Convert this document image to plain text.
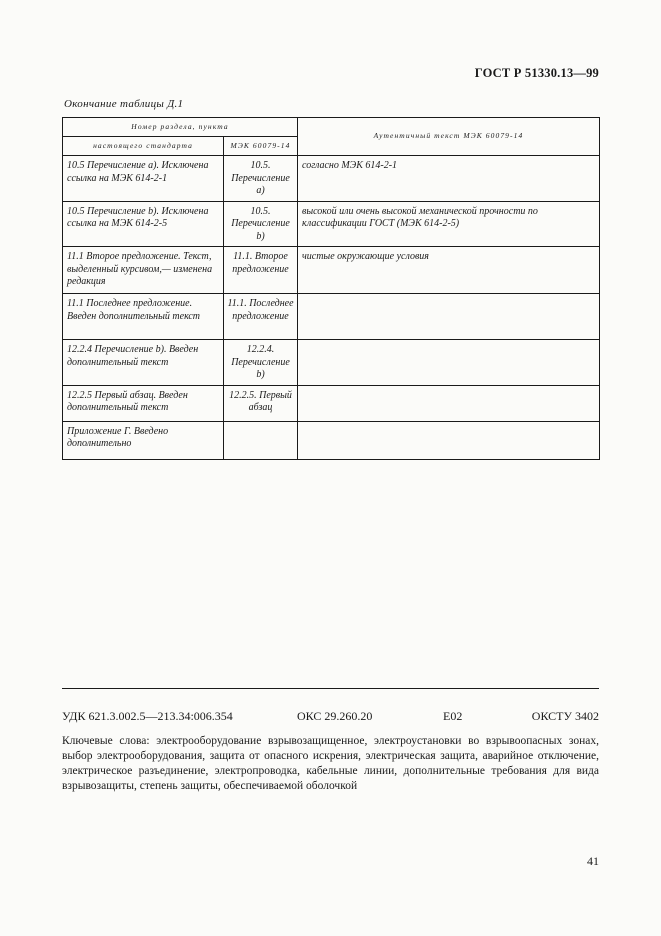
ГОСТ Р 51330.13—99
Окончание таблицы Д.1
Номер раздела, пункта		Аутентичный текст МЭК 60079-14
настоящего стандарта	МЭК 60079-14	
10.5 Перечисление а). Исключена ссылка на МЭК 614-2-1	10.5. Перечисление а)	согласно МЭК 614-2-1
10.5 Перечисление b). Исключена ссылка на МЭК 614-2-5	10.5. Перечисление b)	высокой или очень высокой механической прочности по классификации ГОСТ (МЭК 614-2-5)
11.1 Второе предложение. Текст, выделенный курсивом,— изменена редакция	11.1. Второе предложение	чистые окружающие условия
11.1 Последнее предложение. Введен дополнительный текст	11.1. Последнее предложение	
12.2.4 Перечисление b). Введен дополнительный текст	12.2.4. Перечисление b)	
12.2.5 Первый абзац. Введен дополнительный текст	12.2.5. Первый абзац	
Приложение Г. Введено дополнительно		
УДК 621.3.002.5—213.34:006.354	ОКС 29.260.20	Е02	ОКСТУ 3402
Ключевые слова: электрооборудование взрывозащищенное, электроустановки во взрывоопасных зонах, выбор электрооборудования, защита от опасного искрения, электрическая защита, аварийное отключение, электрическое разъединение, электропроводка, кабельные линии, дополнительные требования для вида взрывозащиты, степень защиты, обеспечиваемой оболочкой
41
